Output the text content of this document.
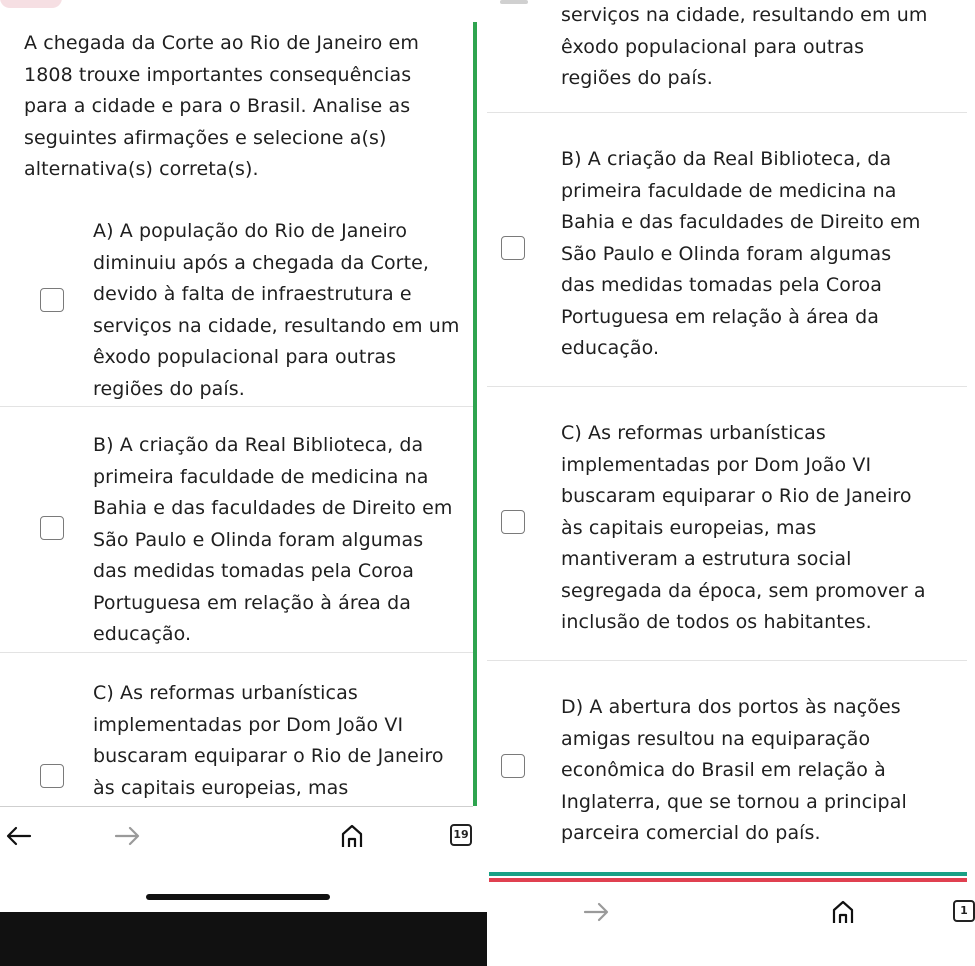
A chegada da Corte ao Rio de Janeiro em
1808 trouxe importantes consequências
para a cidade e para o Brasil. Analise as
seguintes afirmações e selecione a(s)
alternativa(s) correta(s).
A) A população do Rio de Janeiro
diminuiu após a chegada da Corte,
devido à falta de infraestrutura e
serviços na cidade, resultando em um
êxodo populacional para outras
regiões do país.
B) A criação da Real Biblioteca, da
primeira faculdade de medicina na
Bahia e das faculdades de Direito em
São Paulo e Olinda foram algumas
das medidas tomadas pela Coroa
Portuguesa em relação à área da
educação.
C) As reformas urbanísticas
implementadas por Dom João VI
buscaram equiparar o Rio de Janeiro
às capitais europeias, mas
19
serviços na cidade, resultando em um
êxodo populacional para outras
regiões do país.
B) A criação da Real Biblioteca, da
primeira faculdade de medicina na
Bahia e das faculdades de Direito em
São Paulo e Olinda foram algumas
das medidas tomadas pela Coroa
Portuguesa em relação à área da
educação.
C) As reformas urbanísticas
implementadas por Dom João VI
buscaram equiparar o Rio de Janeiro
às capitais europeias, mas
mantiveram a estrutura social
segregada da época, sem promover a
inclusão de todos os habitantes.
D) A abertura dos portos às nações
amigas resultou na equiparação
econômica do Brasil em relação à
Inglaterra, que se tornou a principal
parceira comercial do país.
1
